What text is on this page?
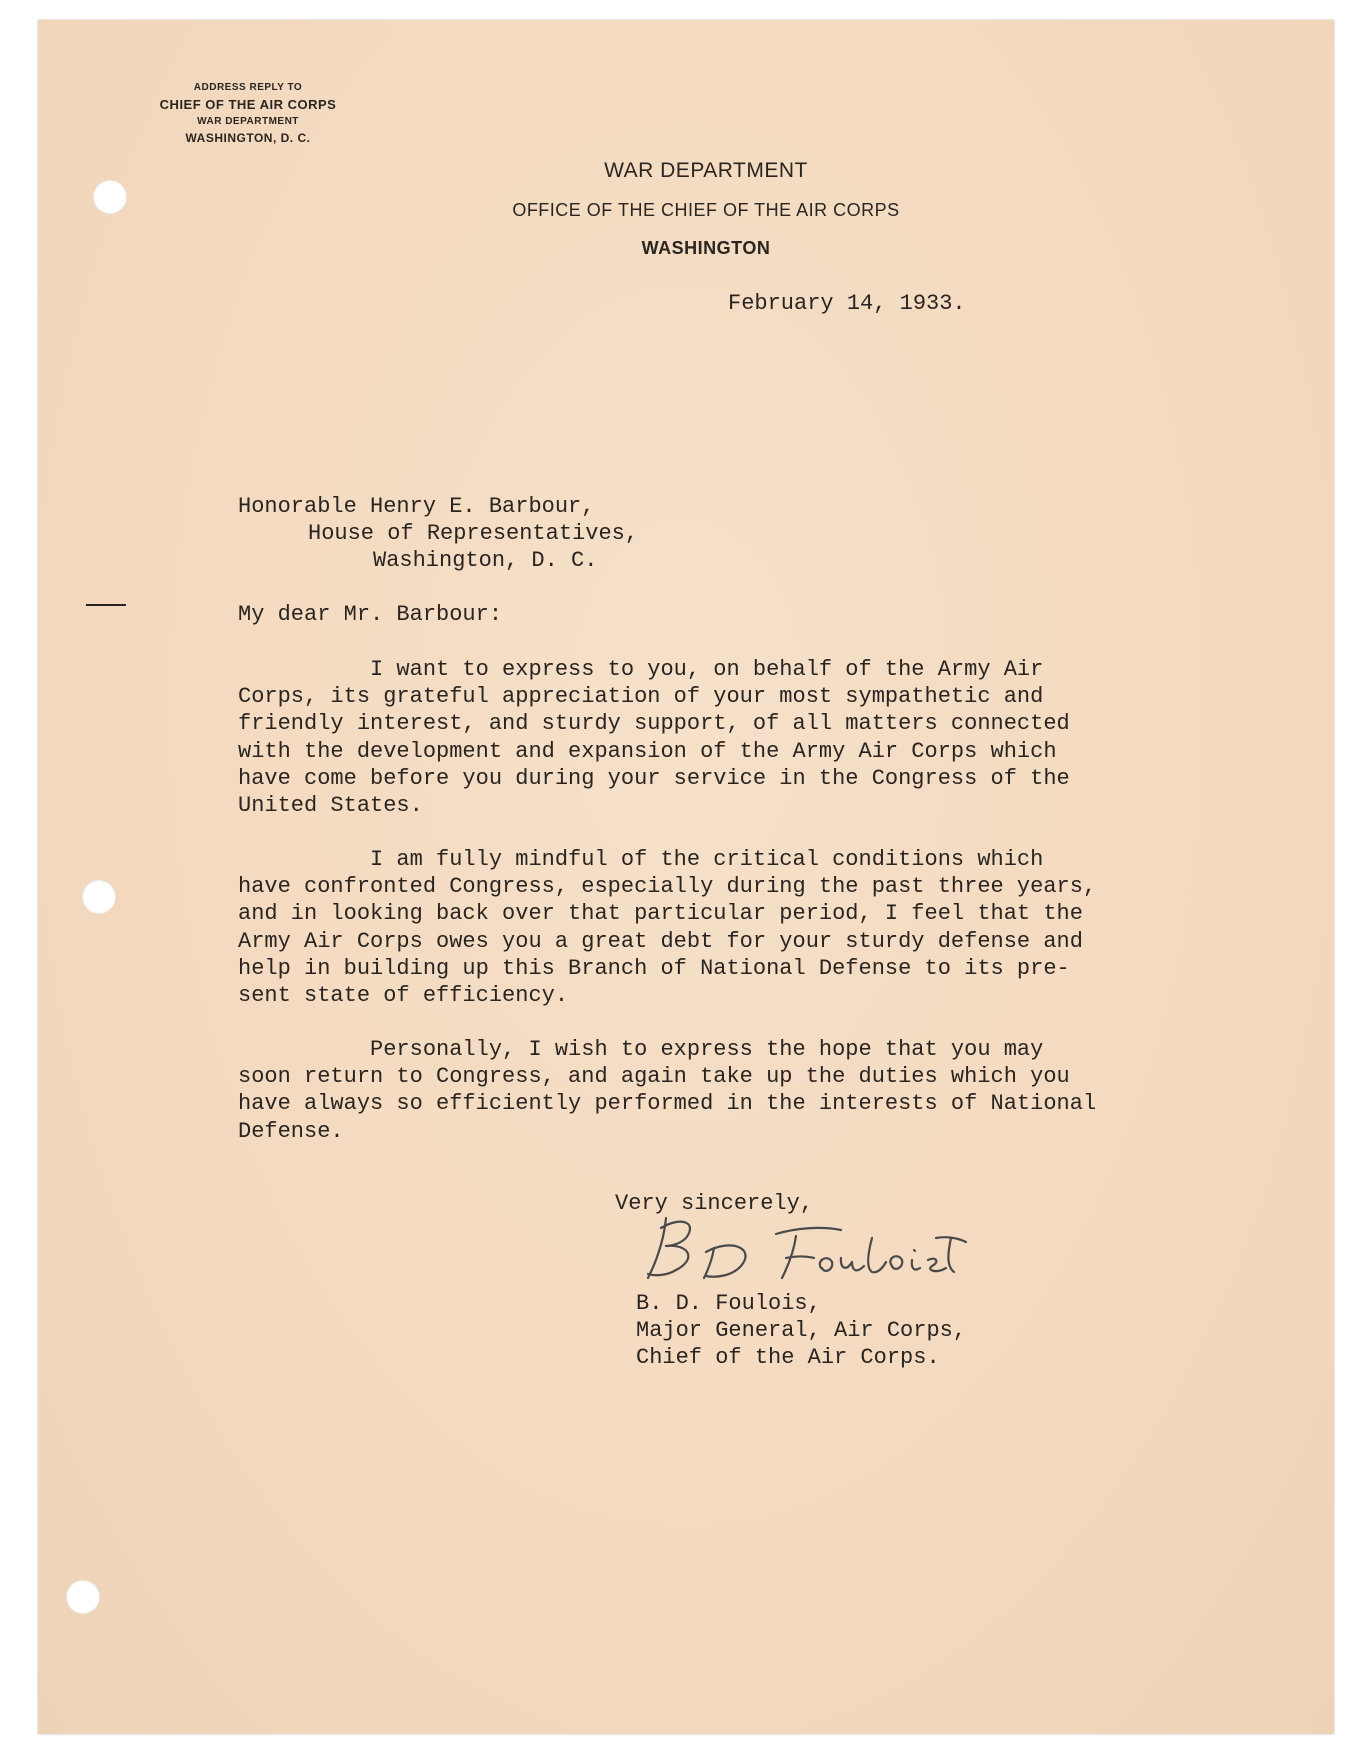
ADDRESS REPLY TO
CHIEF OF THE AIR CORPS
WAR DEPARTMENT
WASHINGTON, D. C.
WAR DEPARTMENT
OFFICE OF THE CHIEF OF THE AIR CORPS
WASHINGTON
February 14, 1933.
Honorable Henry E. Barbour,
House of Representatives,
Washington, D. C.
My dear Mr. Barbour:
I want to express to you, on behalf of the Army Air
Corps, its grateful appreciation of your most sympathetic and
friendly interest, and sturdy support, of all matters connected
with the development and expansion of the Army Air Corps which
have come before you during your service in the Congress of the
United States.
I am fully mindful of the critical conditions which
have confronted Congress, especially during the past three years,
and in looking back over that particular period, I feel that the
Army Air Corps owes you a great debt for your sturdy defense and
help in building up this Branch of National Defense to its pre-
sent state of efficiency.
Personally, I wish to express the hope that you may
soon return to Congress, and again take up the duties which you
have always so efficiently performed in the interests of National
Defense.
Very sincerely,
B. D. Foulois,
Major General, Air Corps,
Chief of the Air Corps.
